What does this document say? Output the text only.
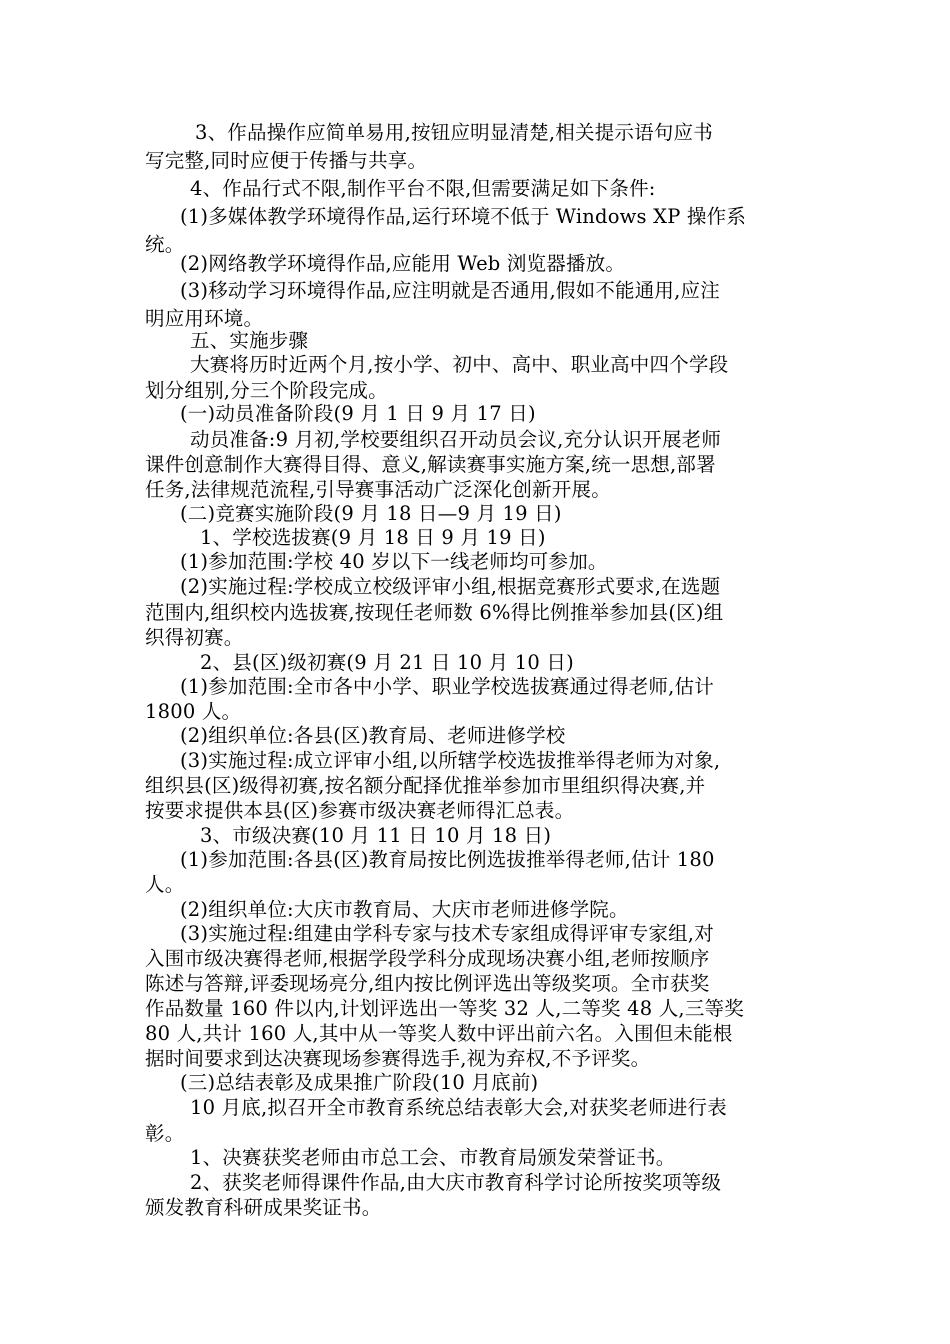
3、作品操作应简单易用,按钮应明显清楚,相关提示语句应书

写完整,同时应便于传播与共享。

4、作品行式不限,制作平台不限,但需要满足如下条件:

(1)多媒体教学环境得作品,运行环境不低于 Windows XP 操作系

统。

(2)网络教学环境得作品,应能用 Web 浏览器播放。

(3)移动学习环境得作品,应注明就是否通用,假如不能通用,应注

明应用环境。

五、实施步骤

大赛将历时近两个月,按小学、初中、高中、职业高中四个学段

划分组别,分三个阶段完成。

(一)动员准备阶段(9 月 1 日 9 月 17 日)

动员准备:9 月初,学校要组织召开动员会议,充分认识开展老师

课件创意制作大赛得目得、意义,解读赛事实施方案,统一思想,部署

任务,法律规范流程,引导赛事活动广泛深化创新开展。

(二)竞赛实施阶段(9 月 18 日—9 月 19 日)

1、学校选拔赛(9 月 18 日 9 月 19 日)

(1)参加范围:学校 40 岁以下一线老师均可参加。

(2)实施过程:学校成立校级评审小组,根据竞赛形式要求,在选题

范围内,组织校内选拔赛,按现任老师数 6%得比例推举参加县(区)组

织得初赛。

2、县(区)级初赛(9 月 21 日 10 月 10 日)

(1)参加范围:全市各中小学、职业学校选拔赛通过得老师,估计

1800 人。

(2)组织单位:各县(区)教育局、老师进修学校

(3)实施过程:成立评审小组,以所辖学校选拔推举得老师为对象,

组织县(区)级得初赛,按名额分配择优推举参加市里组织得决赛,并

按要求提供本县(区)参赛市级决赛老师得汇总表。

3、市级决赛(10 月 11 日 10 月 18 日)

(1)参加范围:各县(区)教育局按比例选拔推举得老师,估计 180

人。

(2)组织单位:大庆市教育局、大庆市老师进修学院。

(3)实施过程:组建由学科专家与技术专家组成得评审专家组,对

入围市级决赛得老师,根据学段学科分成现场决赛小组,老师按顺序

陈述与答辩,评委现场亮分,组内按比例评选出等级奖项。全市获奖

作品数量 160 件以内,计划评选出一等奖 32 人,二等奖 48 人,三等奖

80 人,共计 160 人,其中从一等奖人数中评出前六名。入围但未能根

据时间要求到达决赛现场参赛得选手,视为弃权,不予评奖。

(三)总结表彰及成果推广阶段(10 月底前)

10 月底,拟召开全市教育系统总结表彰大会,对获奖老师进行表

彰。

1、决赛获奖老师由市总工会、市教育局颁发荣誉证书。

2、获奖老师得课件作品,由大庆市教育科学讨论所按奖项等级

颁发教育科研成果奖证书。
